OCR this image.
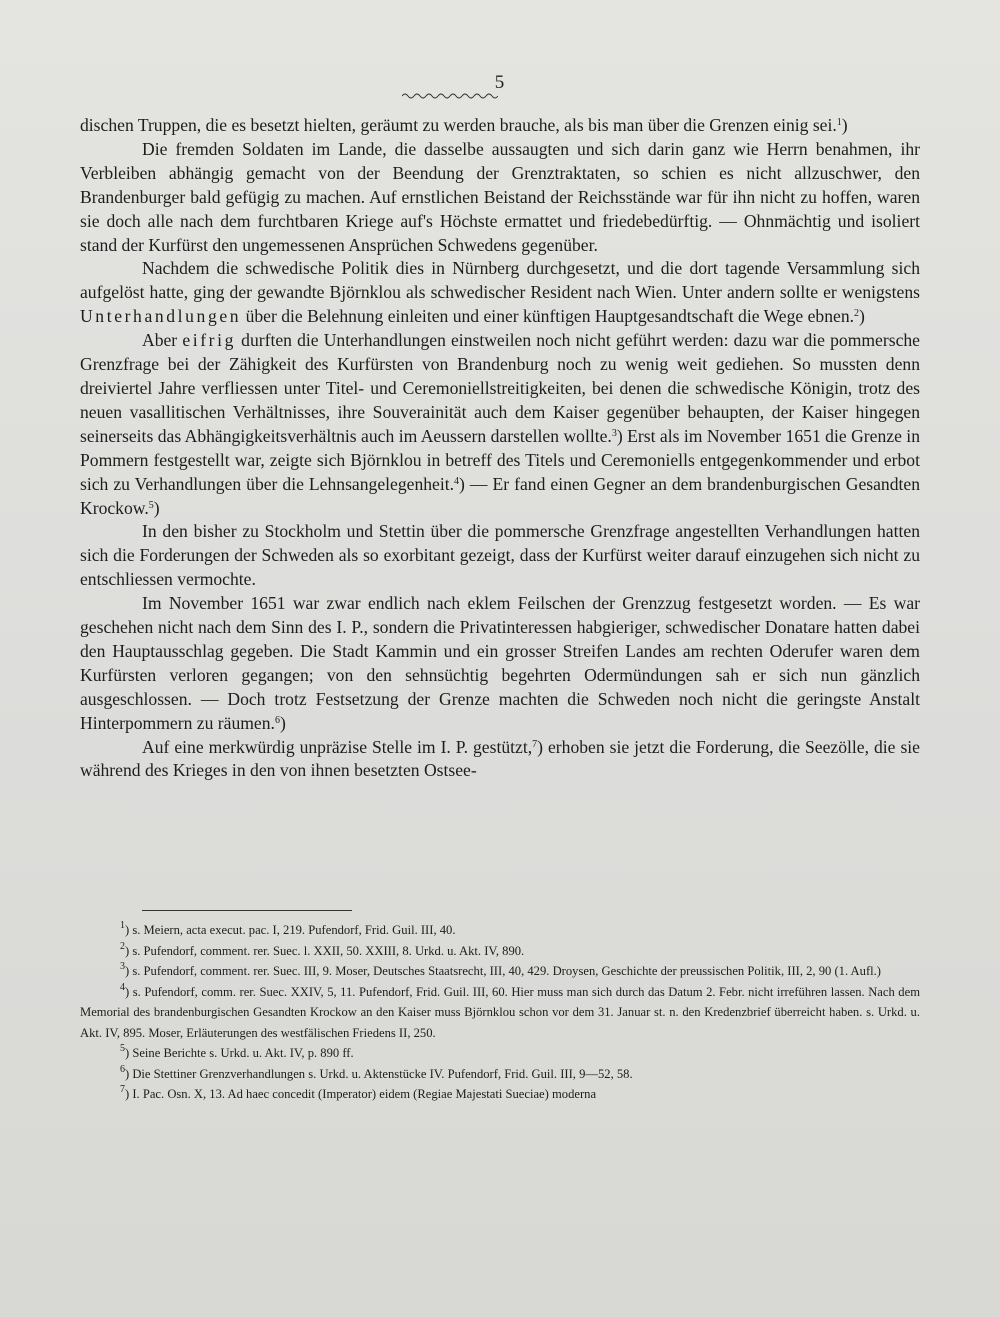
5

dischen Truppen, die es besetzt hielten, geräumt zu werden brauche, als bis man über die Grenzen einig sei.$^1$)

Die fremden Soldaten im Lande, die dasselbe aussaugten und sich darin ganz wie Herrn benahmen, ihr Verbleiben abhängig gemacht von der Beendung der Grenztraktaten, so schien es nicht allzuschwer, den Brandenburger bald gefügig zu machen. Auf ernstlichen Beistand der Reichsstände war für ihn nicht zu hoffen, waren sie doch alle nach dem furchtbaren Kriege auf's Höchste ermattet und friedebedürftig. — Ohnmächtig und isoliert stand der Kurfürst den ungemessenen Ansprüchen Schwedens gegenüber.

Nachdem die schwedische Politik dies in Nürnberg durchgesetzt, und die dort tagende Versammlung sich aufgelöst hatte, ging der gewandte Björnklou als schwedischer Resident nach Wien. Unter andern sollte er wenigstens Unterhandlungen über die Belehnung einleiten und einer künftigen Hauptgesandtschaft die Wege ebnen.$^2$)

Aber eifrig durften die Unterhandlungen einstweilen noch nicht geführt werden: dazu war die pommersche Grenzfrage bei der Zähigkeit des Kurfürsten von Brandenburg noch zu wenig weit gediehen. So mussten denn dreiviertel Jahre verfliessen unter Titel- und Ceremoniellstreitigkeiten, bei denen die schwedische Königin, trotz des neuen vasallitischen Verhältnisses, ihre Souverainität auch dem Kaiser gegenüber behaupten, der Kaiser hingegen seinerseits das Abhängigkeitsverhältnis auch im Aeussern darstellen wollte.$^3$) Erst als im November 1651 die Grenze in Pommern festgestellt war, zeigte sich Björnklou in betreff des Titels und Ceremoniells entgegenkommender und erbot sich zu Verhandlungen über die Lehnsangelegenheit.$^4$) — Er fand einen Gegner an dem brandenburgischen Gesandten Krockow.$^5$)

In den bisher zu Stockholm und Stettin über die pommersche Grenzfrage angestellten Verhandlungen hatten sich die Forderungen der Schweden als so exorbitant gezeigt, dass der Kurfürst weiter darauf einzugehen sich nicht zu entschliessen vermochte.

Im November 1651 war zwar endlich nach eklem Feilschen der Grenzzug festgesetzt worden. — Es war geschehen nicht nach dem Sinn des I. P., sondern die Privatinteressen habgieriger, schwedischer Donatare hatten dabei den Hauptausschlag gegeben. Die Stadt Kammin und ein grosser Streifen Landes am rechten Oderufer waren dem Kurfürsten verloren gegangen; von den sehnsüchtig begehrten Odermündungen sah er sich nun gänzlich ausgeschlossen. — Doch trotz Festsetzung der Grenze machten die Schweden noch nicht die geringste Anstalt Hinterpommern zu räumen.$^6$)

Auf eine merkwürdig unpräzise Stelle im I. P. gestützt,$^7$) erhoben sie jetzt die Forderung, die Seezölle, die sie während des Krieges in den von ihnen besetzten Ostsee-

$^1$) s. Meiern, acta execut. pac. I, 219. Pufendorf, Frid. Guil. III, 40.

$^2$) s. Pufendorf, comment. rer. Suec. l. XXII, 50. XXIII, 8. Urkd. u. Akt. IV, 890.

$^3$) s. Pufendorf, comment. rer. Suec. III, 9. Moser, Deutsches Staatsrecht, III, 40, 429. Droysen, Geschichte der preussischen Politik, III, 2, 90 (1. Aufl.)

$^4$) s. Pufendorf, comm. rer. Suec. XXIV, 5, 11. Pufendorf, Frid. Guil. III, 60. Hier muss man sich durch das Datum 2. Febr. nicht irreführen lassen. Nach dem Memorial des brandenburgischen Gesandten Krockow an den Kaiser muss Björnklou schon vor dem 31. Januar st. n. den Kredenzbrief überreicht haben. s. Urkd. u. Akt. IV, 895. Moser, Erläuterungen des westfälischen Friedens II, 250.

$^5$) Seine Berichte s. Urkd. u. Akt. IV, p. 890 ff.

$^6$) Die Stettiner Grenzverhandlungen s. Urkd. u. Aktenstücke IV. Pufendorf, Frid. Guil. III, 9—52, 58.

$^7$) I. Pac. Osn. X, 13. Ad haec concedit (Imperator) eidem (Regiae Majestati Sueciae) moderna
